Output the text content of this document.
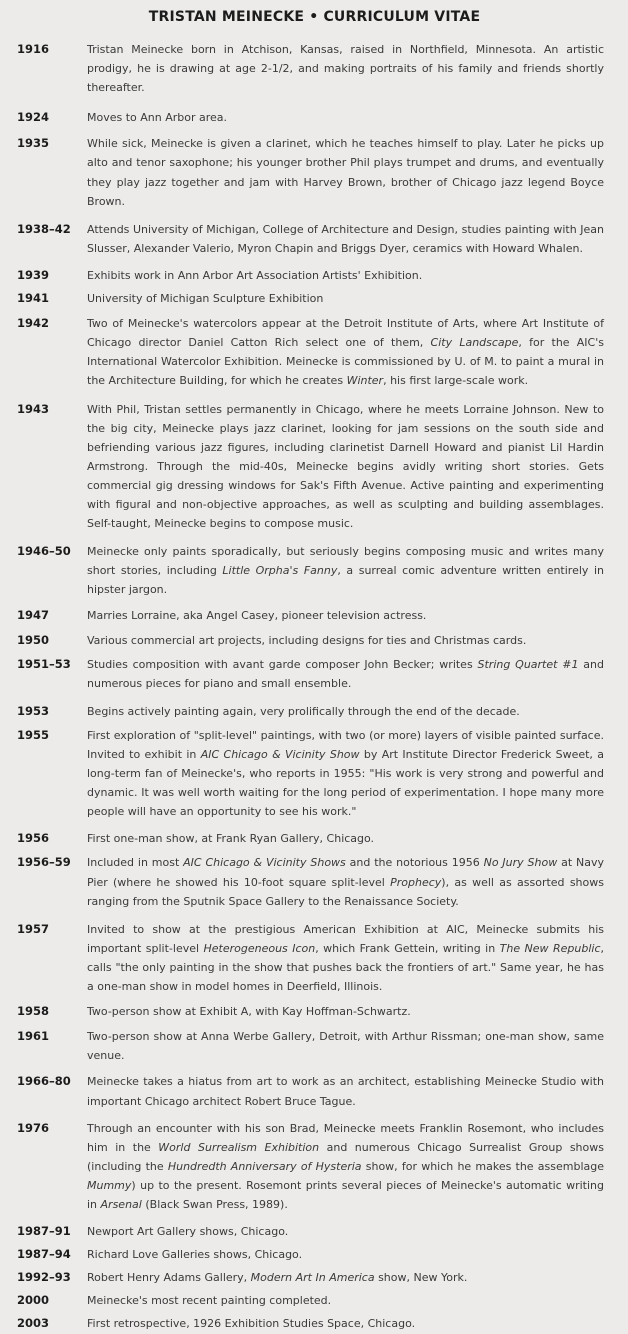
TRISTAN MEINECKE • CURRICULUM VITAE
1916	Tristan Meinecke born in Atchison, Kansas, raised in Northfield, Minnesota. An artistic prodigy, he is drawing at age 2-1/2, and making portraits of his family and friends shortly thereafter.
1924	Moves to Ann Arbor area.
1935	While sick, Meinecke is given a clarinet, which he teaches himself to play. Later he picks up alto and tenor saxophone; his younger brother Phil plays trumpet and drums, and eventually they play jazz together and jam with Harvey Brown, brother of Chicago jazz legend Boyce Brown.
1938–42	Attends University of Michigan, College of Architecture and Design, studies painting with Jean Slusser, Alexander Valerio, Myron Chapin and Briggs Dyer, ceramics with Howard Whalen.
1939	Exhibits work in Ann Arbor Art Association Artists' Exhibition.
1941	University of Michigan Sculpture Exhibition
1942	Two of Meinecke's watercolors appear at the Detroit Institute of Arts, where Art Institute of Chicago director Daniel Catton Rich select one of them, City Landscape, for the AIC's International Watercolor Exhibition. Meinecke is commissioned by U. of M. to paint a mural in the Architecture Building, for which he creates Winter, his first large-scale work.
1943	With Phil, Tristan settles permanently in Chicago, where he meets Lorraine Johnson. New to the big city, Meinecke plays jazz clarinet, looking for jam sessions on the south side and befriending various jazz figures, including clarinetist Darnell Howard and pianist Lil Hardin Armstrong. Through the mid-40s, Meinecke begins avidly writing short stories. Gets commercial gig dressing windows for Sak's Fifth Avenue. Active painting and experimenting with figural and non-objective approaches, as well as sculpting and building assemblages. Self-taught, Meinecke begins to compose music.
1946–50	Meinecke only paints sporadically, but seriously begins composing music and writes many short stories, including Little Orpha's Fanny, a surreal comic adventure written entirely in hipster jargon.
1947	Marries Lorraine, aka Angel Casey, pioneer television actress.
1950	Various commercial art projects, including designs for ties and Christmas cards.
1951–53	Studies composition with avant garde composer John Becker; writes String Quartet #1 and numerous pieces for piano and small ensemble.
1953	Begins actively painting again, very prolifically through the end of the decade.
1955	First exploration of "split-level" paintings, with two (or more) layers of visible painted surface. Invited to exhibit in AIC Chicago & Vicinity Show by Art Institute Director Frederick Sweet, a long-term fan of Meinecke's, who reports in 1955: "His work is very strong and powerful and dynamic. It was well worth waiting for the long period of experimentation. I hope many more people will have an opportunity to see his work."
1956	First one-man show, at Frank Ryan Gallery, Chicago.
1956–59	Included in most AIC Chicago & Vicinity Shows and the notorious 1956 No Jury Show at Navy Pier (where he showed his 10-foot square split-level Prophecy), as well as assorted shows ranging from the Sputnik Space Gallery to the Renaissance Society.
1957	Invited to show at the prestigious American Exhibition at AIC, Meinecke submits his important split-level Heterogeneous Icon, which Frank Gettein, writing in The New Republic, calls "the only painting in the show that pushes back the frontiers of art." Same year, he has a one-man show in model homes in Deerfield, Illinois.
1958	Two-person show at Exhibit A, with Kay Hoffman-Schwartz.
1961	Two-person show at Anna Werbe Gallery, Detroit, with Arthur Rissman; one-man show, same venue.
1966–80	Meinecke takes a hiatus from art to work as an architect, establishing Meinecke Studio with important Chicago architect Robert Bruce Tague.
1976	Through an encounter with his son Brad, Meinecke meets Franklin Rosemont, who includes him in the World Surrealism Exhibition and numerous Chicago Surrealist Group shows (including the Hundredth Anniversary of Hysteria show, for which he makes the assemblage Mummy) up to the present. Rosemont prints several pieces of Meinecke's automatic writing in Arsenal (Black Swan Press, 1989).
1987–91	Newport Art Gallery shows, Chicago.
1987–94	Richard Love Galleries shows, Chicago.
1992–93	Robert Henry Adams Gallery, Modern Art In America show, New York.
2000	Meinecke's most recent painting completed.
2003	First retrospective, 1926 Exhibition Studies Space, Chicago.
